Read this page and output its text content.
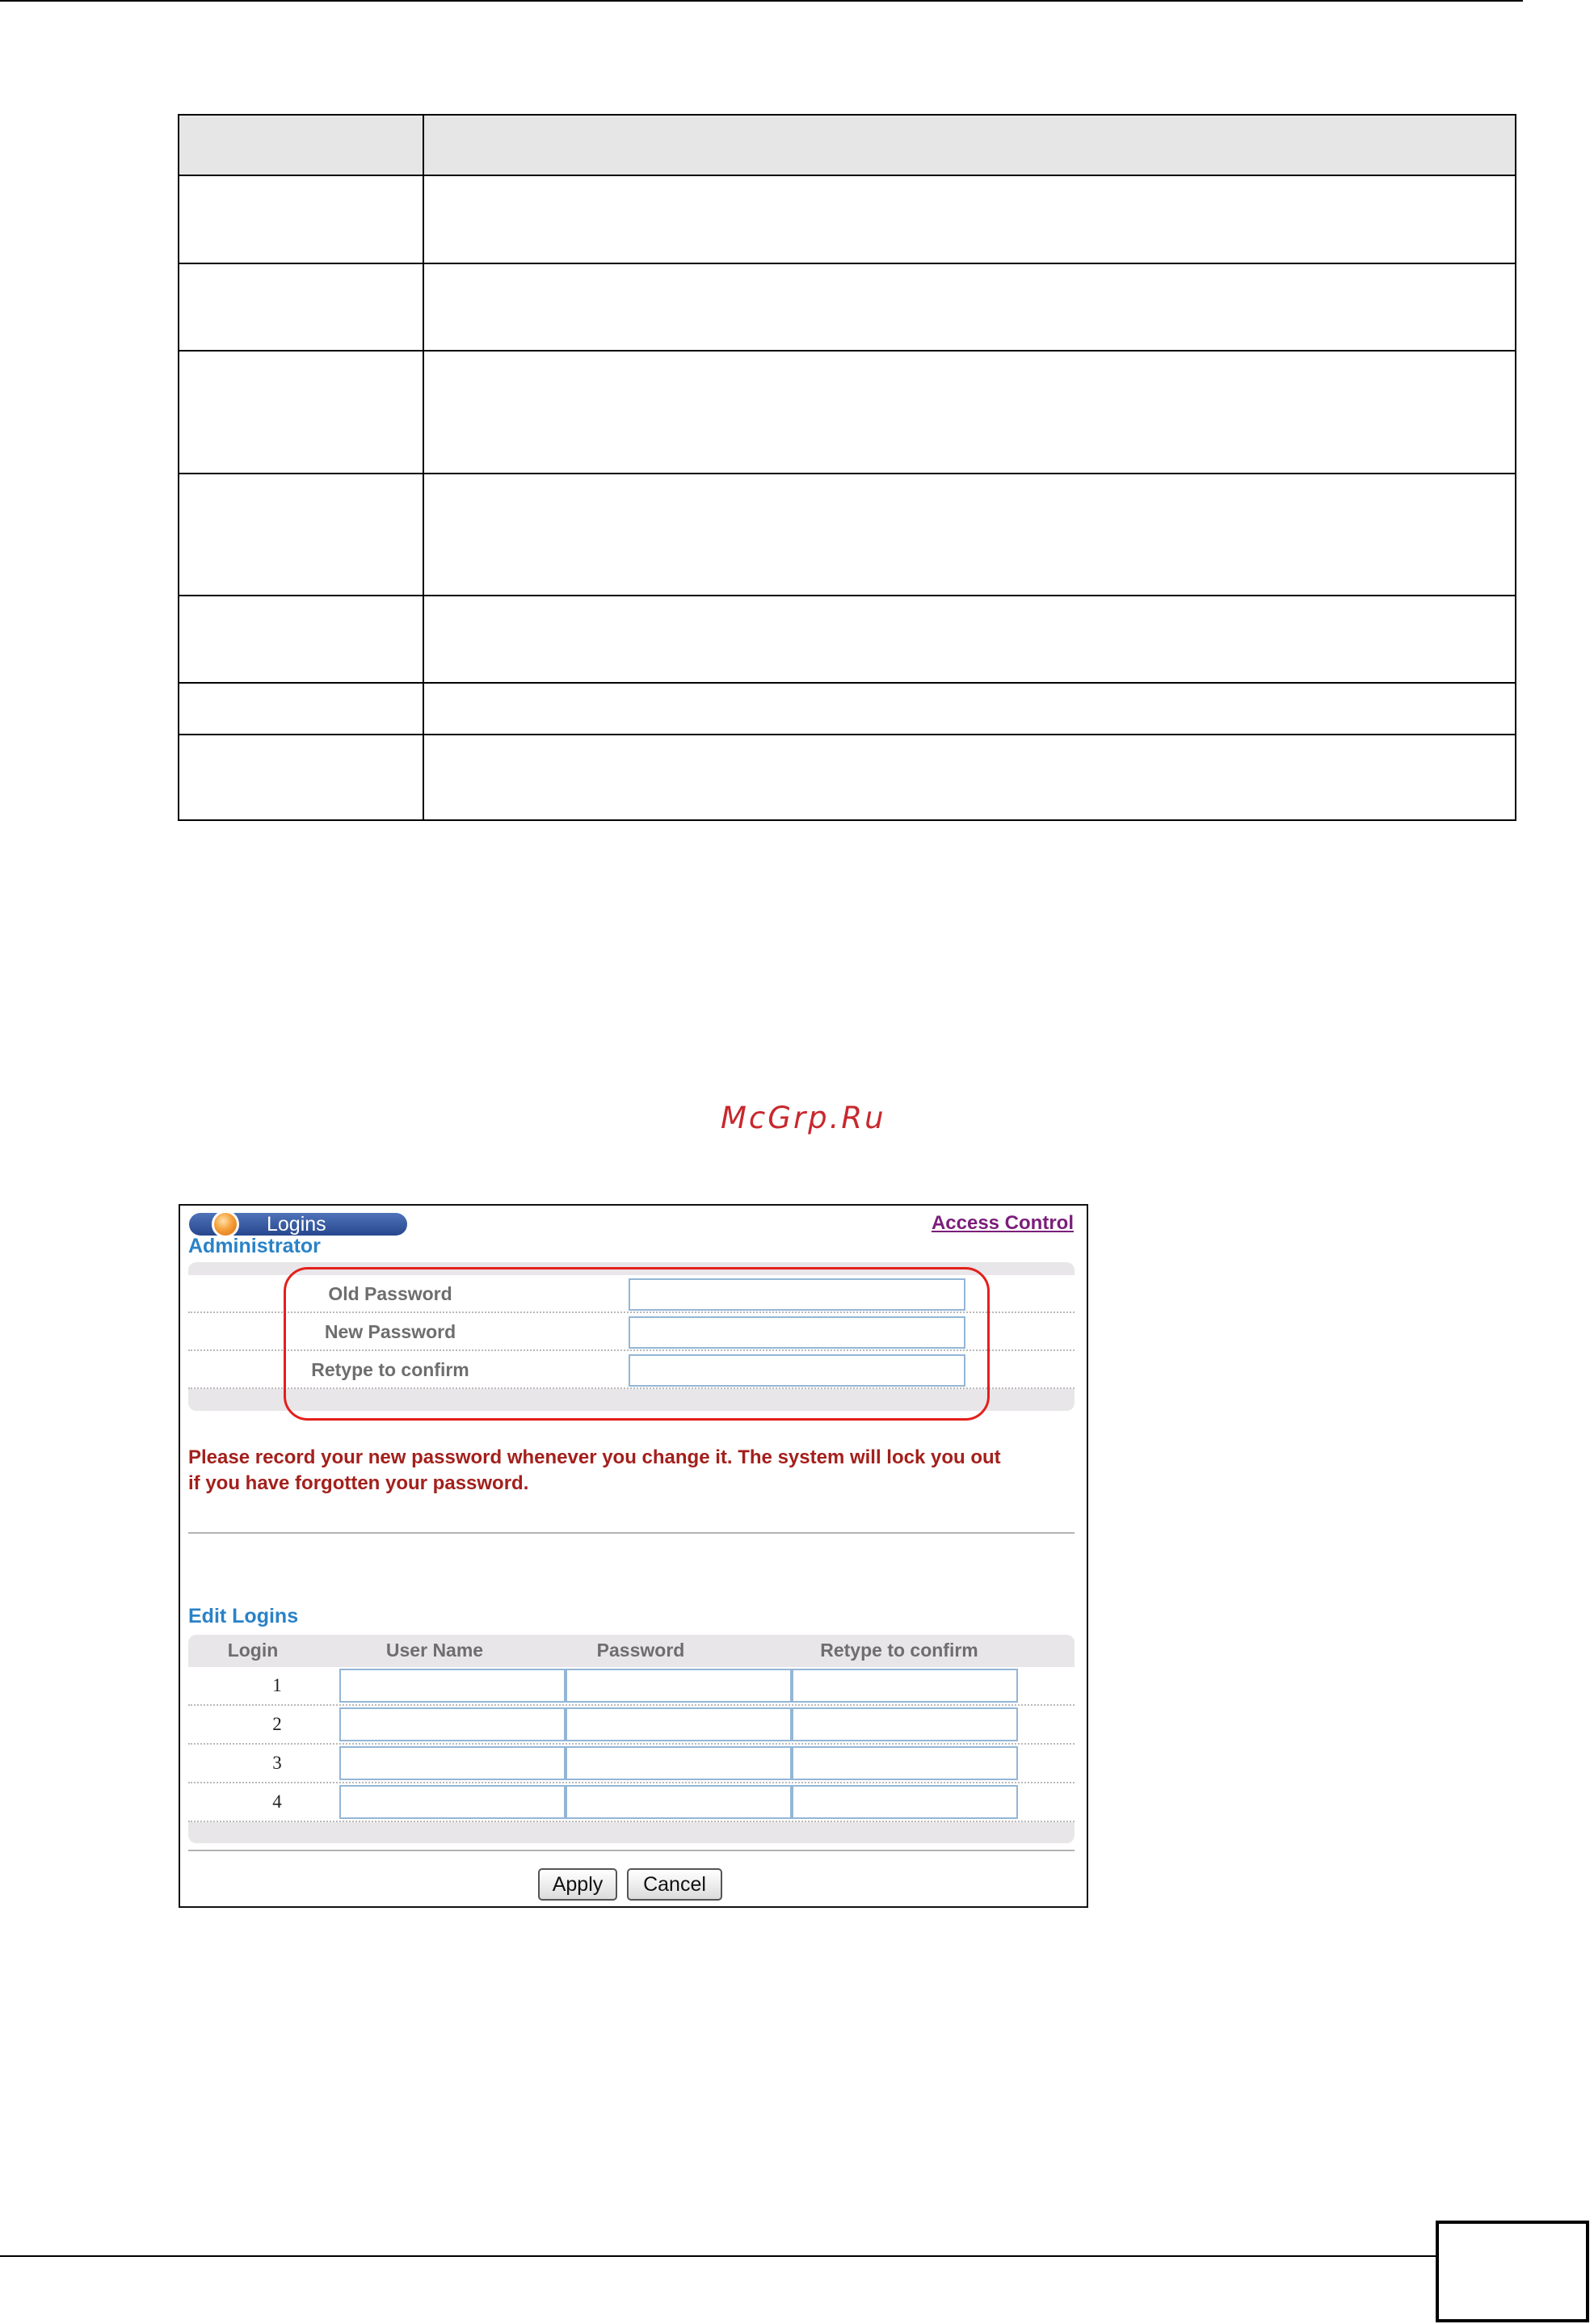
McGrp.Ru
Logins	Access Control
Administrator
Old Password
New Password
Retype to confirm
Please record your new password whenever you change it. The system will lock you out
if you have forgotten your password.
Edit Logins
Login	User Name	Password	Retype to confirm
1
2
3
4
Apply	Cancel
